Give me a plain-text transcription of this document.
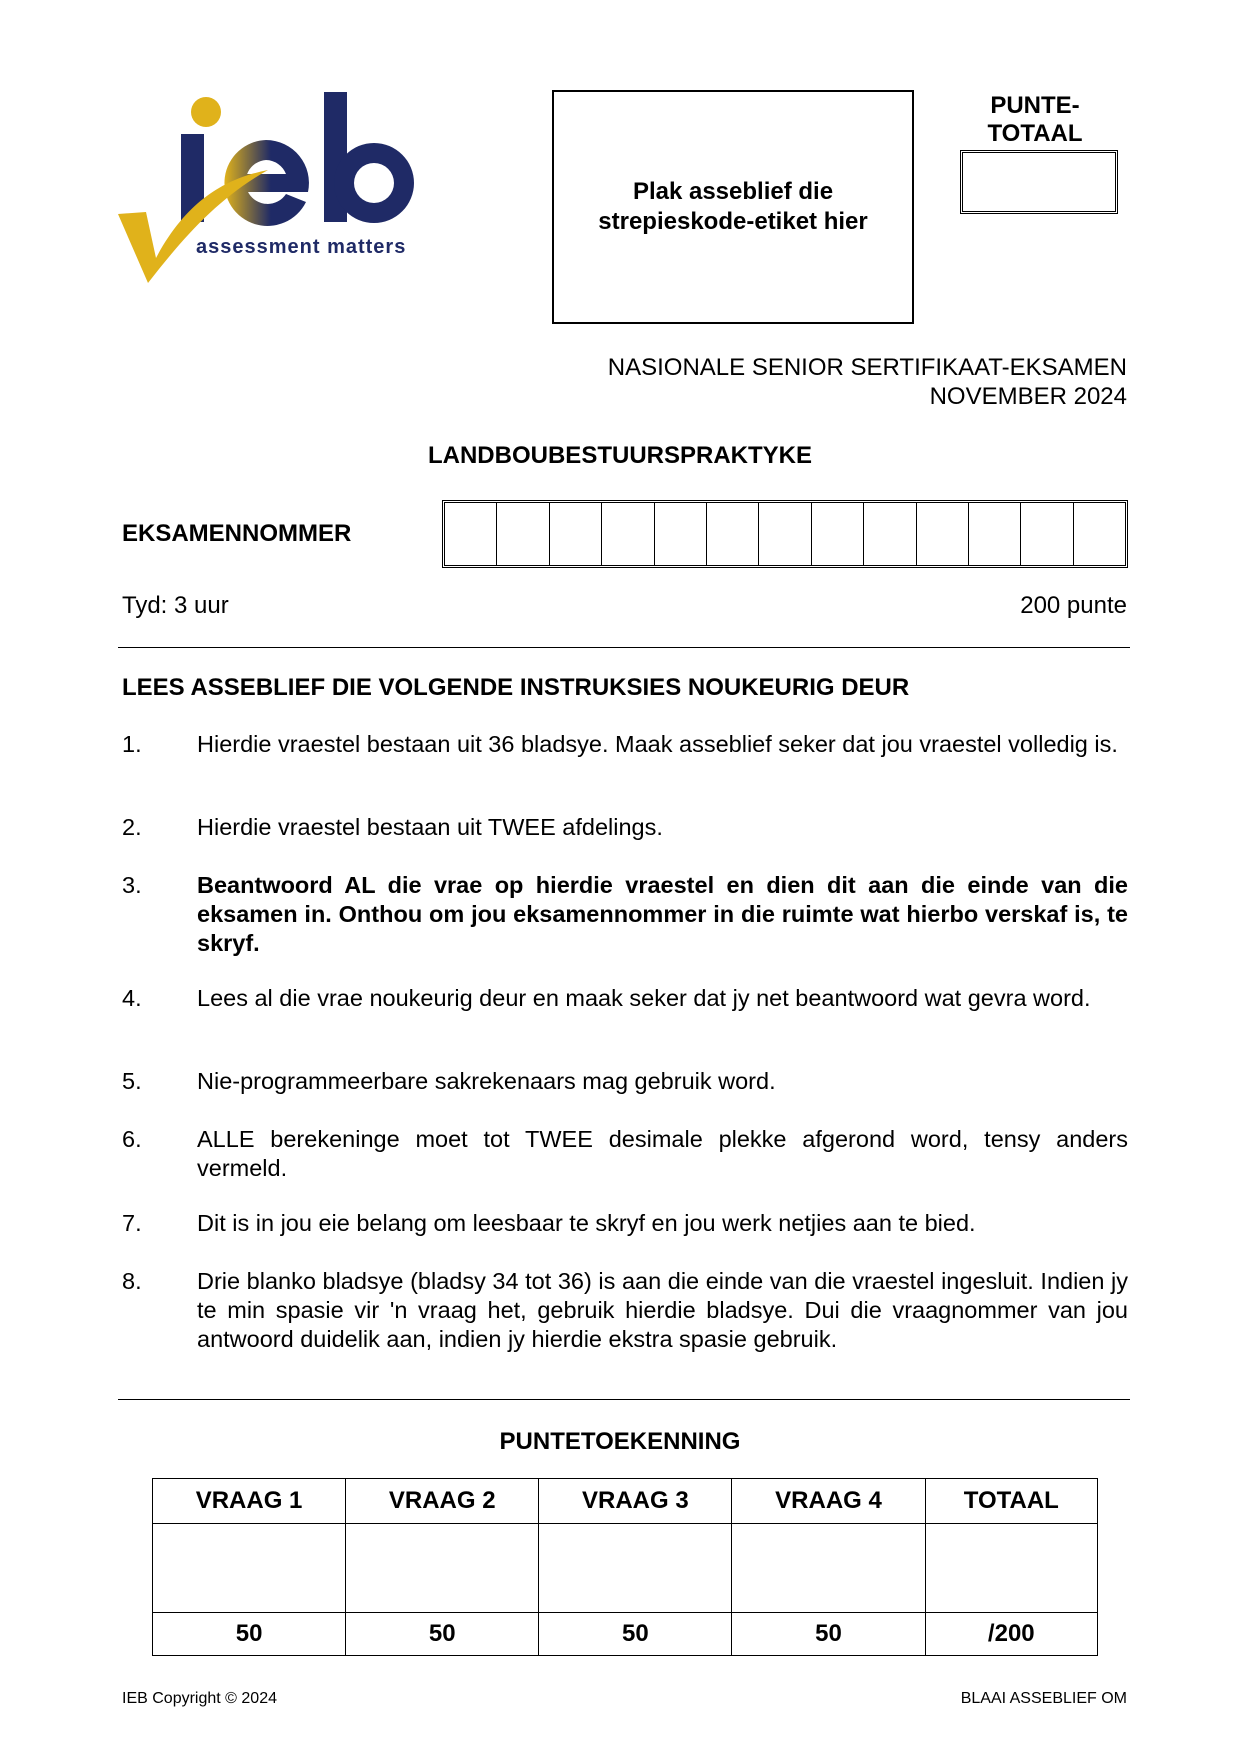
assessment matters
Plak asseblief die
strepieskode-etiket hier
PUNTE-
TOTAAL
NASIONALE SENIOR SERTIFIKAAT-EKSAMEN
NOVEMBER 2024
LANDBOUBESTUURSPRAKTYKE
EKSAMENNOMMER
Tyd: 3 uur	200 punte
LEES ASSEBLIEF DIE VOLGENDE INSTRUKSIES NOUKEURIG DEUR
1.	Hierdie vraestel bestaan uit 36 bladsye. Maak asseblief seker dat jou vraestel volledig is.
2.	Hierdie vraestel bestaan uit TWEE afdelings.
3.	Beantwoord AL die vrae op hierdie vraestel en dien dit aan die einde van die eksamen in. Onthou om jou eksamennommer in die ruimte wat hierbo verskaf is, te skryf.
4.	Lees al die vrae noukeurig deur en maak seker dat jy net beantwoord wat gevra word.
5.	Nie-programmeerbare sakrekenaars mag gebruik word.
6.	ALLE berekeninge moet tot TWEE desimale plekke afgerond word, tensy anders vermeld.
7.	Dit is in jou eie belang om leesbaar te skryf en jou werk netjies aan te bied.
8.	Drie blanko bladsye (bladsy 34 tot 36) is aan die einde van die vraestel ingesluit. Indien jy te min spasie vir 'n vraag het, gebruik hierdie bladsye. Dui die vraagnommer van jou antwoord duidelik aan, indien jy hierdie ekstra spasie gebruik.
PUNTETOEKENNING
VRAAG 1	VRAAG 2	VRAAG 3	VRAAG 4	TOTAAL

50	50	50	50	/200
IEB Copyright © 2024	BLAAI ASSEBLIEF OM
